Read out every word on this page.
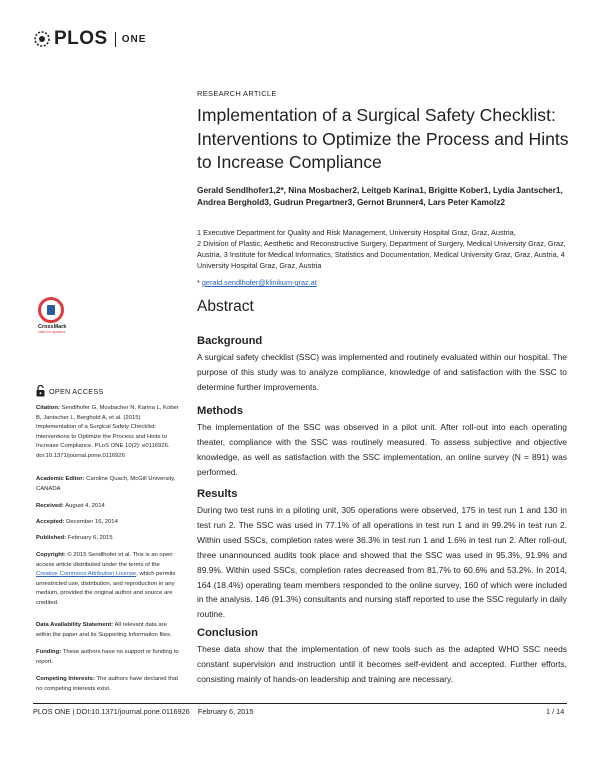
PLOS ONE
RESEARCH ARTICLE
Implementation of a Surgical Safety Checklist: Interventions to Optimize the Process and Hints to Increase Compliance
Gerald Sendlhofer1,2*, Nina Mosbacher2, Leitgeb Karina1, Brigitte Kober1, Lydia Jantscher1, Andrea Berghold3, Gudrun Pregartner3, Gernot Brunner4, Lars Peter Kamolz2

1 Executive Department for Quality and Risk Management, University Hospital Graz, Graz, Austria,

2 Division of Plastic, Aesthetic and Reconstructive Surgery, Department of Surgery, Medical University Graz, Graz, Austria, 3 Institute for Medical Informatics, Statistics and Documentation, Medical University Graz, Graz, Austria, 4 University Hospital Graz, Graz, Austria

* gerald.sendlhofer@klinikum-graz.at
Abstract
Background
A surgical safety checklist (SSC) was implemented and routinely evaluated within our hospital. The purpose of this study was to analyze compliance, knowledge of and satisfaction with the SSC to determine further improvements.
Methods
The implementation of the SSC was observed in a pilot unit. After roll-out into each operating theater, compliance with the SSC was routinely measured. To assess subjective and objective knowledge, as well as satisfaction with the SSC implementation, an online survey (N = 891) was performed.
Results
During two test runs in a piloting unit, 305 operations were observed, 175 in test run 1 and 130 in test run 2. The SSC was used in 77.1% of all operations in test run 1 and in 99.2% in test run 2. Within used SSCs, completion rates were 36.3% in test run 1 and 1.6% in test run 2. After roll-out, three unannounced audits took place and showed that the SSC was used in 95.3%, 91.9% and 89.9%. Within used SSCs, completion rates decreased from 81.7% to 60.6% and 53.2%. In 2014, 164 (18.4%) operating team members responded to the online survey, 160 of which were included in the analysis. 146 (91.3%) consultants and nursing staff reported to use the SSC regularly in daily routine.
Conclusion
These data show that the implementation of new tools such as the adapted WHO SSC needs constant supervision and instruction until it becomes self-evident and accepted. Further efforts, consisting mainly of hands-on leadership and training are necessary.
CrossMark
click for updates
OPEN ACCESS
Citation: Sendlhofer G, Mosbacher N, Karina L, Kober B, Jantscher L, Berghold A, et al. (2015) Implementation of a Surgical Safety Checklist: Interventions to Optimize the Process and Hints to Increase Compliance. PLoS ONE 10(2): e0116926. doi:10.1371/journal.pone.0116926
Academic Editor: Caroline Quach, McGill University, CANADA
Received: August 4, 2014
Accepted: December 16, 2014
Published: February 6, 2015
Copyright: © 2015 Sendlhofer et al. This is an open access article distributed under the terms of the Creative Commons Attribution License, which permits unrestricted use, distribution, and reproduction in any medium, provided the original author and source are credited.
Data Availability Statement: All relevant data are within the paper and its Supporting Information files.
Funding: These authors have no support or funding to report.
Competing Interests: The authors have declared that no competing interests exist.
PLOS ONE | DOI:10.1371/journal.pone.0116926    February 6, 2015	1 / 14
